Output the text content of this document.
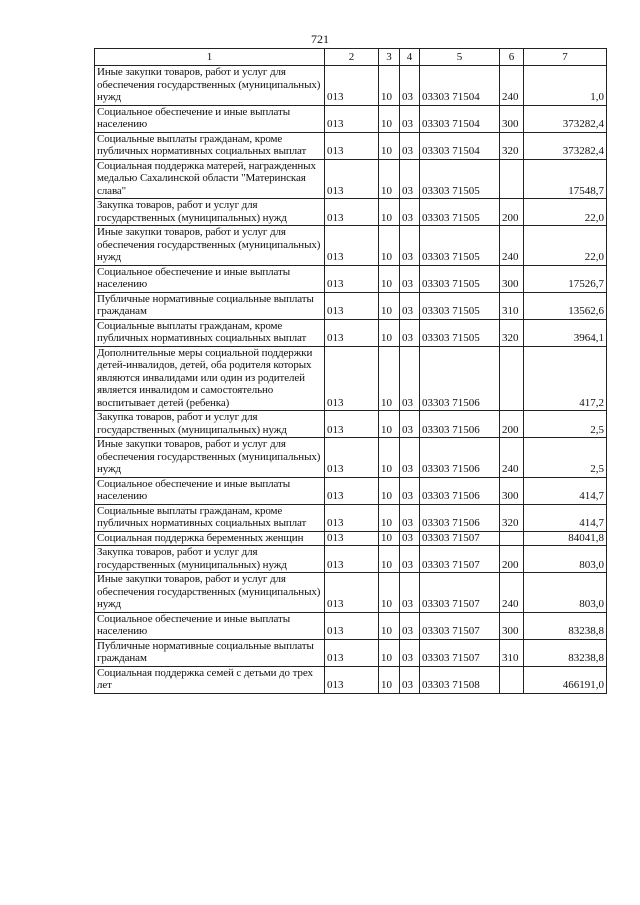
721
1	2	3	4	5	6	7
Иные закупки товаров, работ и услуг для обеспечения государственных (муниципальных) нужд	013	10	03	03303 71504	240	1,0
Социальное обеспечение и иные выплаты населению	013	10	03	03303 71504	300	373282,4
Социальные выплаты гражданам, кроме публичных нормативных социальных выплат	013	10	03	03303 71504	320	373282,4
Социальная поддержка матерей, награжденных медалью Сахалинской области "Материнская слава"	013	10	03	03303 71505		17548,7
Закупка товаров, работ и услуг для государственных (муниципальных) нужд	013	10	03	03303 71505	200	22,0
Иные закупки товаров, работ и услуг для обеспечения государственных (муниципальных) нужд	013	10	03	03303 71505	240	22,0
Социальное обеспечение и иные выплаты населению	013	10	03	03303 71505	300	17526,7
Публичные нормативные социальные выплаты гражданам	013	10	03	03303 71505	310	13562,6
Социальные выплаты гражданам, кроме публичных нормативных социальных выплат	013	10	03	03303 71505	320	3964,1
Дополнительные меры социальной поддержки детей-инвалидов, детей, оба родителя которых являются инвалидами или один из родителей является инвалидом и самостоятельно воспитывает детей (ребенка)	013	10	03	03303 71506		417,2
Закупка товаров, работ и услуг для государственных (муниципальных) нужд	013	10	03	03303 71506	200	2,5
Иные закупки товаров, работ и услуг для обеспечения государственных (муниципальных) нужд	013	10	03	03303 71506	240	2,5
Социальное обеспечение и иные выплаты населению	013	10	03	03303 71506	300	414,7
Социальные выплаты гражданам, кроме публичных нормативных социальных выплат	013	10	03	03303 71506	320	414,7
Социальная поддержка беременных женщин	013	10	03	03303 71507		84041,8
Закупка товаров, работ и услуг для государственных (муниципальных) нужд	013	10	03	03303 71507	200	803,0
Иные закупки товаров, работ и услуг для обеспечения государственных (муниципальных) нужд	013	10	03	03303 71507	240	803,0
Социальное обеспечение и иные выплаты населению	013	10	03	03303 71507	300	83238,8
Публичные нормативные социальные выплаты гражданам	013	10	03	03303 71507	310	83238,8
Социальная поддержка семей с детьми до трех лет	013	10	03	03303 71508		466191,0
